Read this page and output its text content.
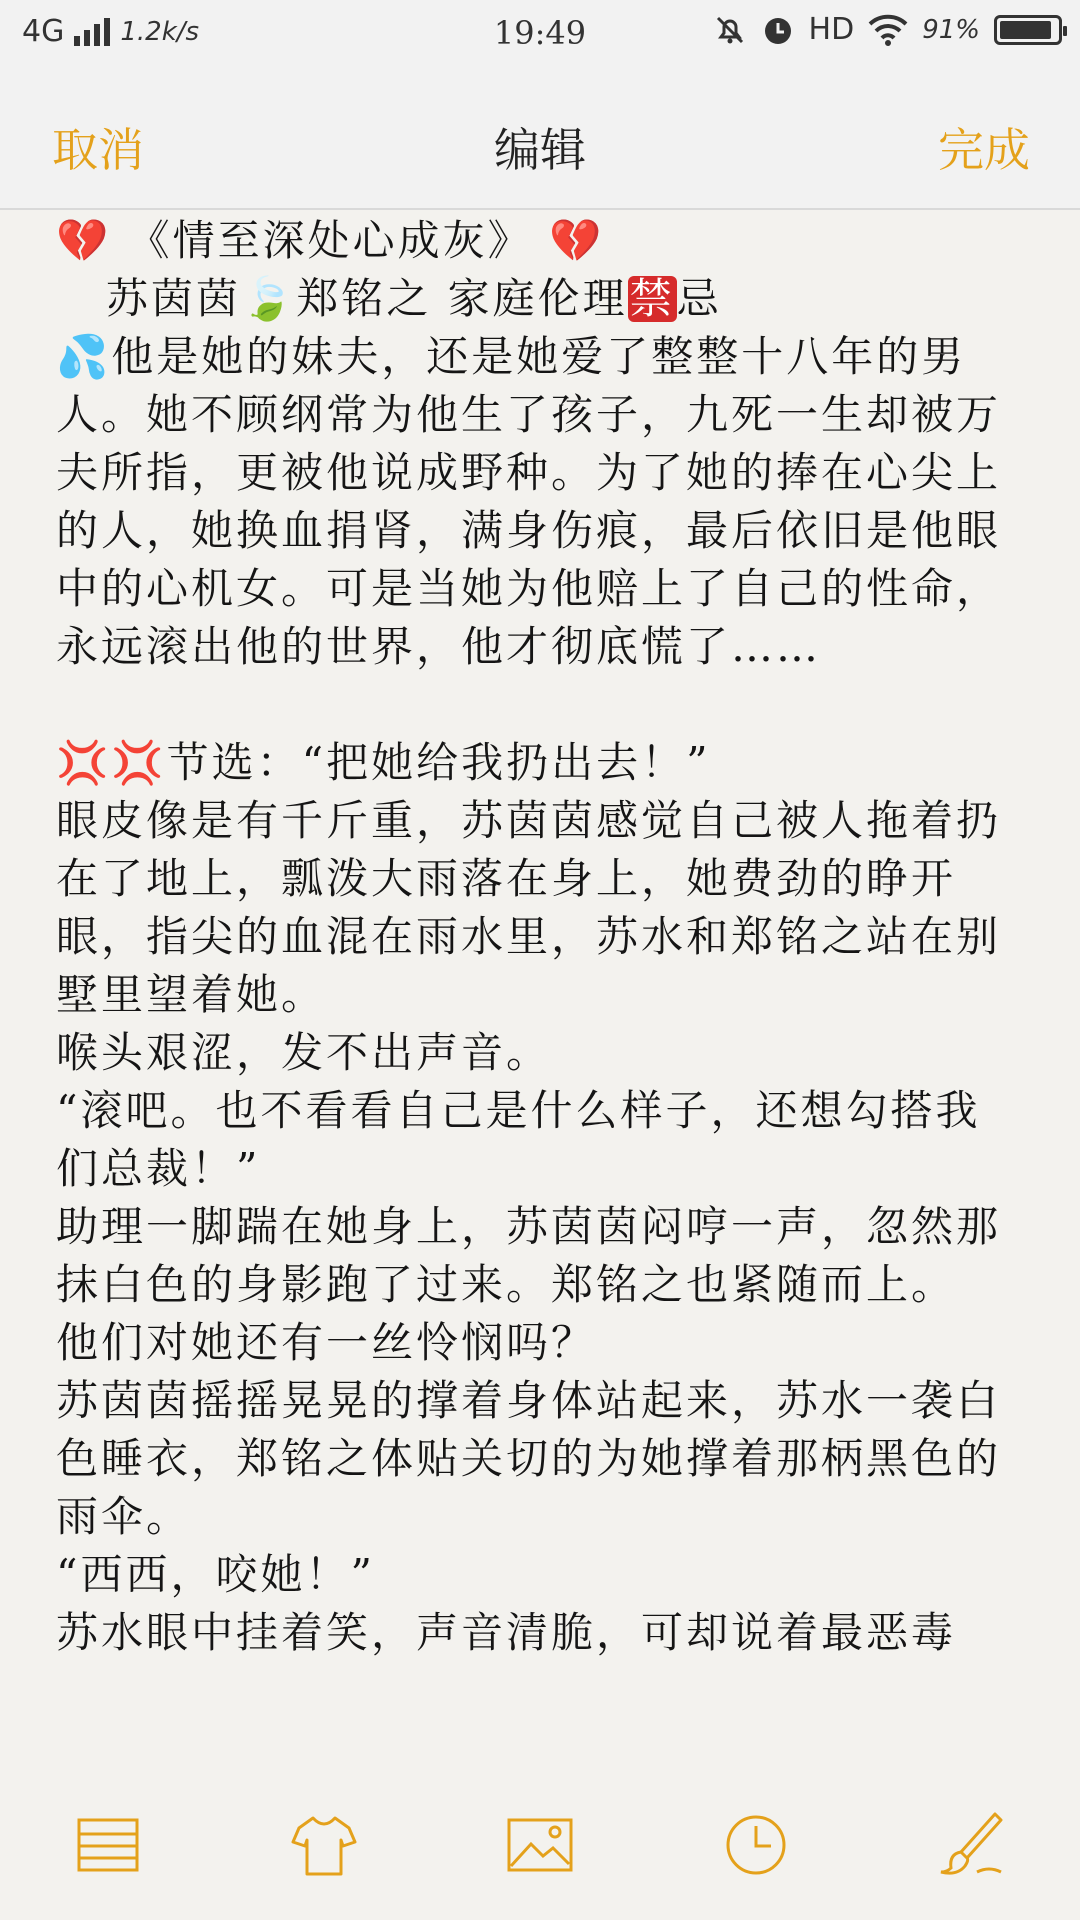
4G 1.2k/s	19:49	HD	91%
取消	编辑	完成

💔 《情至深处心成灰》 💔

苏茵茵🍃郑铭之 家庭伦理禁忌

💦他是她的妹夫，还是她爱了整整十八年的男人。她不顾纲常为他生了孩子，九死一生却被万夫所指，更被他说成野种。为了她的捧在心尖上的人，她换血捐肾，满身伤痕，最后依旧是他眼中的心机女。可是当她为他赔上了自己的性命，永远滚出他的世界，他才彻底慌了……

💢💢节选：“把她给我扔出去！”

眼皮像是有千斤重，苏茵茵感觉自己被人拖着扔在了地上，瓢泼大雨落在身上，她费劲的睁开眼，指尖的血混在雨水里，苏水和郑铭之站在别墅里望着她。

喉头艰涩，发不出声音。

“滚吧。也不看看自己是什么样子，还想勾搭我们总裁！”

助理一脚踹在她身上，苏茵茵闷哼一声，忽然那抹白色的身影跑了过来。郑铭之也紧随而上。

他们对她还有一丝怜悯吗？

苏茵茵摇摇晃晃的撑着身体站起来，苏水一袭白色睡衣，郑铭之体贴关切的为她撑着那柄黑色的雨伞。

“西西，咬她！”

苏水眼中挂着笑，声音清脆，可却说着最恶毒
